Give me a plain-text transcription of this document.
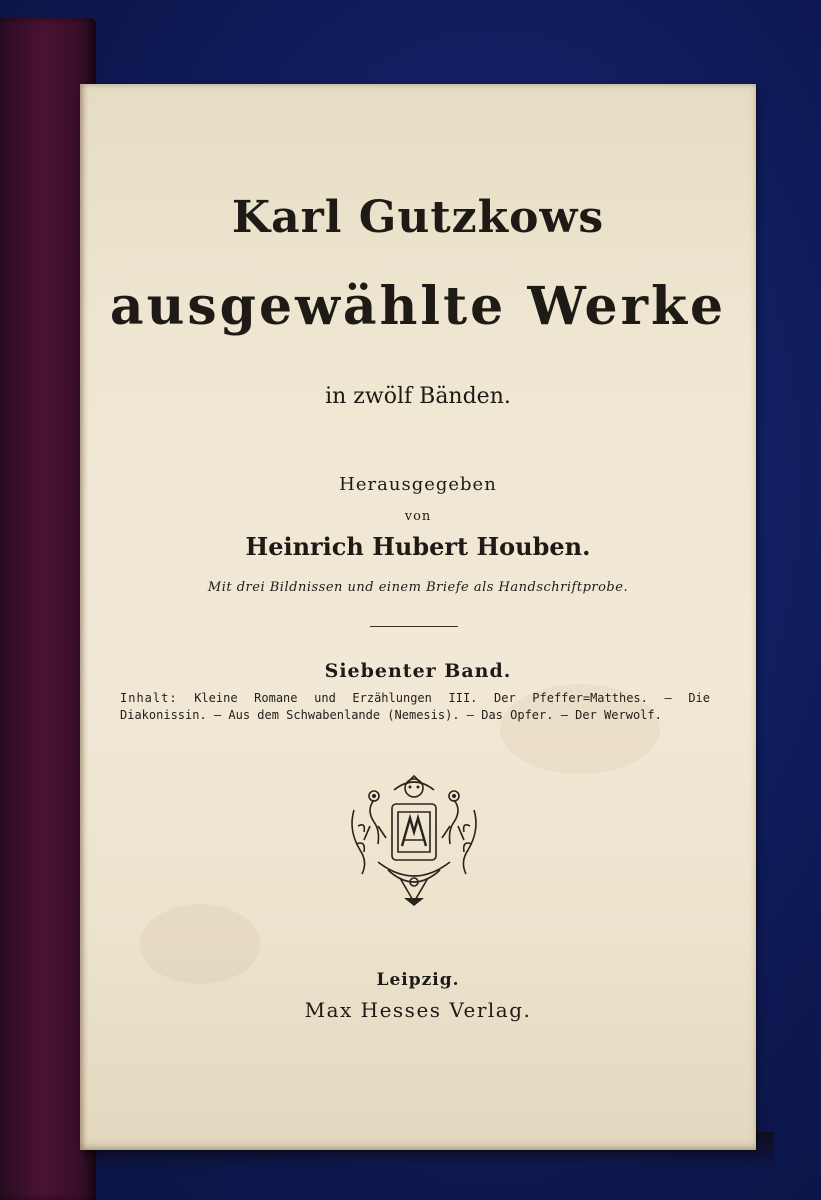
Karl Gutzkows
ausgewählte Werke
in zwölf Bänden.
Herausgegeben
von
Heinrich Hubert Houben.
Mit drei Bildnissen und einem Briefe als Handschriftprobe.
Siebenter Band.
Inhalt: Kleine Romane und Erzählungen III. Der Pfeffer=Matthes. — Die Diakonissin. — Aus dem Schwabenlande (Nemesis). — Das Opfer. — Der Werwolf.
Leipzig.
Max Hesses Verlag.
